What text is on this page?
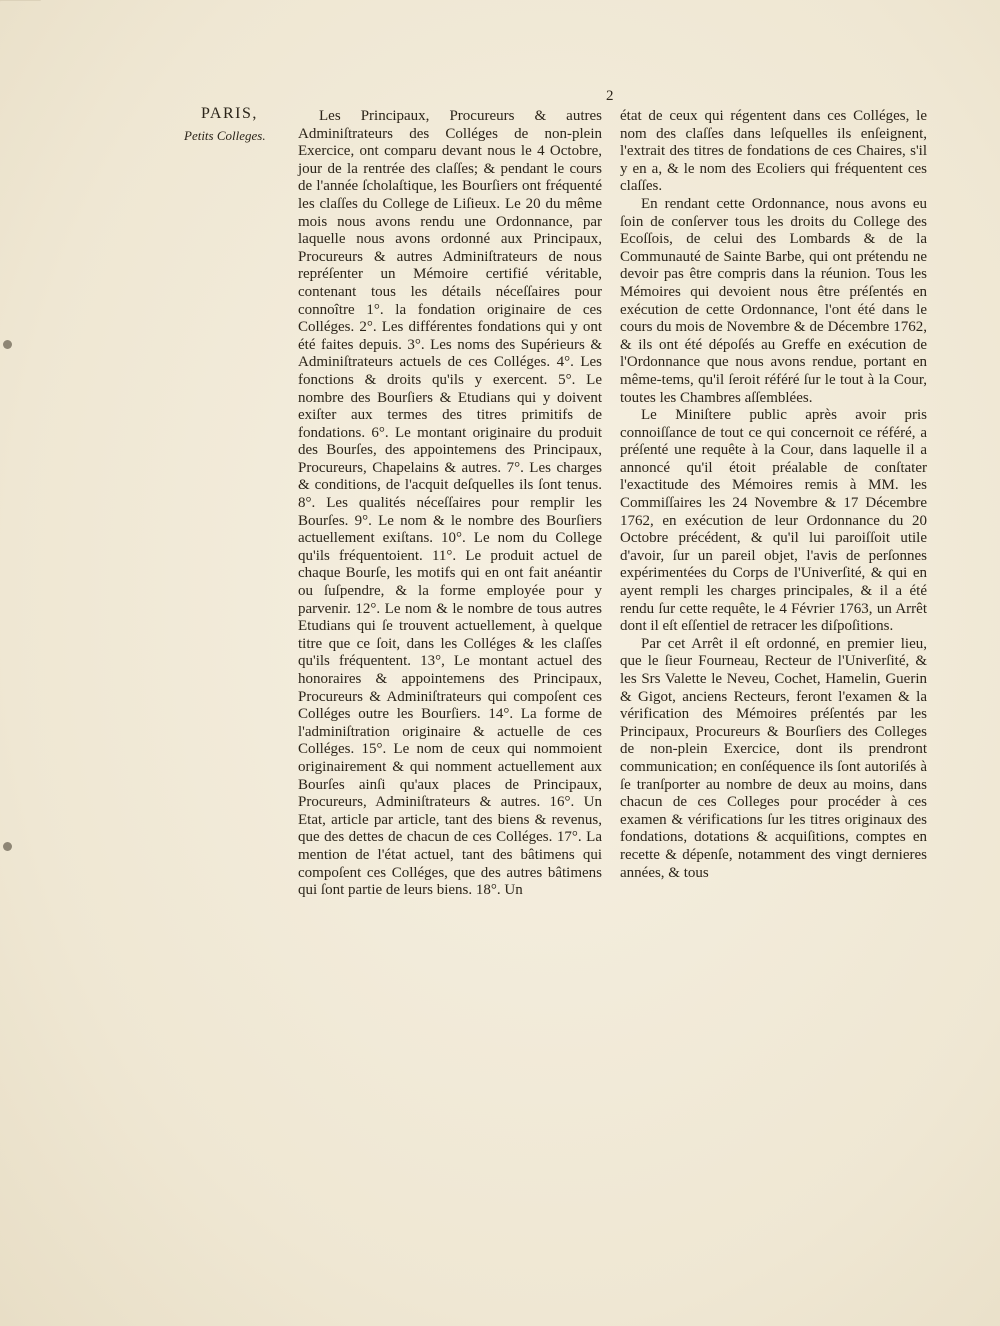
2
PARIS,
Petits Colleges.

Les Principaux, Procureurs & autres Adminiſtrateurs des Colléges de non-plein Exercice, ont comparu devant nous le 4 Octobre, jour de la rentrée des claſſes; & pendant le cours de l'année ſcholaſtique, les Bourſiers ont fréquenté les claſſes du College de Liſieux. Le 20 du même mois nous avons rendu une Ordonnance, par laquelle nous avons ordonné aux Principaux, Procureurs & autres Adminiſtrateurs de nous repréſenter un Mémoire certifié véritable, contenant tous les détails néceſſaires pour connoître 1°. la fondation originaire de ces Colléges. 2°. Les différentes fondations qui y ont été faites depuis. 3°. Les noms des Supérieurs & Adminiſtrateurs actuels de ces Colléges. 4°. Les fonctions & droits qu'ils y exercent. 5°. Le nombre des Bourſiers & Etudians qui y doivent exiſter aux termes des titres primitifs de fondations. 6°. Le montant originaire du produit des Bourſes, des appointemens des Principaux, Procureurs, Chapelains & autres. 7°. Les charges & conditions, de l'acquit deſquelles ils ſont tenus. 8°. Les qualités néceſſaires pour remplir les Bourſes. 9°. Le nom & le nombre des Bourſiers actuellement exiſtans. 10°. Le nom du College qu'ils fréquentoient. 11°. Le produit actuel de chaque Bourſe, les motifs qui en ont fait anéantir ou ſuſpendre, & la forme employée pour y parvenir. 12°. Le nom & le nombre de tous autres Etudians qui ſe trouvent actuellement, à quelque titre que ce ſoit, dans les Colléges & les claſſes qu'ils fréquentent. 13°, Le montant actuel des honoraires & appointemens des Principaux, Procureurs & Adminiſtrateurs qui compoſent ces Colléges outre les Bourſiers. 14°. La forme de l'adminiſtration originaire & actuelle de ces Colléges. 15°. Le nom de ceux qui nommoient originairement & qui nomment actuellement aux Bourſes ainſi qu'aux places de Principaux, Procureurs, Adminiſtrateurs & autres. 16°. Un Etat, article par article, tant des biens & revenus, que des dettes de chacun de ces Colléges. 17°. La mention de l'état actuel, tant des bâtimens qui compoſent ces Colléges, que des autres bâtimens qui ſont partie de leurs biens. 18°. Un

état de ceux qui régentent dans ces Colléges, le nom des claſſes dans leſquelles ils enſeignent, l'extrait des titres de fondations de ces Chaires, s'il y en a, & le nom des Ecoliers qui fréquentent ces claſſes.

En rendant cette Ordonnance, nous avons eu ſoin de conſerver tous les droits du College des Ecoſſois, de celui des Lombards & de la Communauté de Sainte Barbe, qui ont prétendu ne devoir pas être compris dans la réunion. Tous les Mémoires qui devoient nous être préſentés en exécution de cette Ordonnance, l'ont été dans le cours du mois de Novembre & de Décembre 1762, & ils ont été dépoſés au Greffe en exécution de l'Ordonnance que nous avons rendue, portant en même-tems, qu'il ſeroit référé ſur le tout à la Cour, toutes les Chambres aſſemblées.

Le Miniſtere public après avoir pris connoiſſance de tout ce qui concernoit ce référé, a préſenté une requête à la Cour, dans laquelle il a annoncé qu'il étoit préalable de conſtater l'exactitude des Mémoires remis à MM. les Commiſſaires les 24 Novembre & 17 Décembre 1762, en exécution de leur Ordonnance du 20 Octobre précédent, & qu'il lui paroiſſoit utile d'avoir, ſur un pareil objet, l'avis de perſonnes expérimentées du Corps de l'Univerſité, & qui en ayent rempli les charges principales, & il a été rendu ſur cette requête, le 4 Février 1763, un Arrêt dont il eſt eſſentiel de retracer les diſpoſitions.

Par cet Arrêt il eſt ordonné, en premier lieu, que le ſieur Fourneau, Recteur de l'Univerſité, & les Srs Valette le Neveu, Cochet, Hamelin, Guerin & Gigot, anciens Recteurs, feront l'examen & la vérification des Mémoires préſentés par les Principaux, Procureurs & Bourſiers des Colleges de non-plein Exercice, dont ils prendront communication; en conſéquence ils ſont autoriſés à ſe tranſporter au nombre de deux au moins, dans chacun de ces Colleges pour procéder à ces examen & vérifications ſur les titres originaux des fondations, dotations & acquiſitions, comptes en recette & dépenſe, notamment des vingt dernieres années, & tous
